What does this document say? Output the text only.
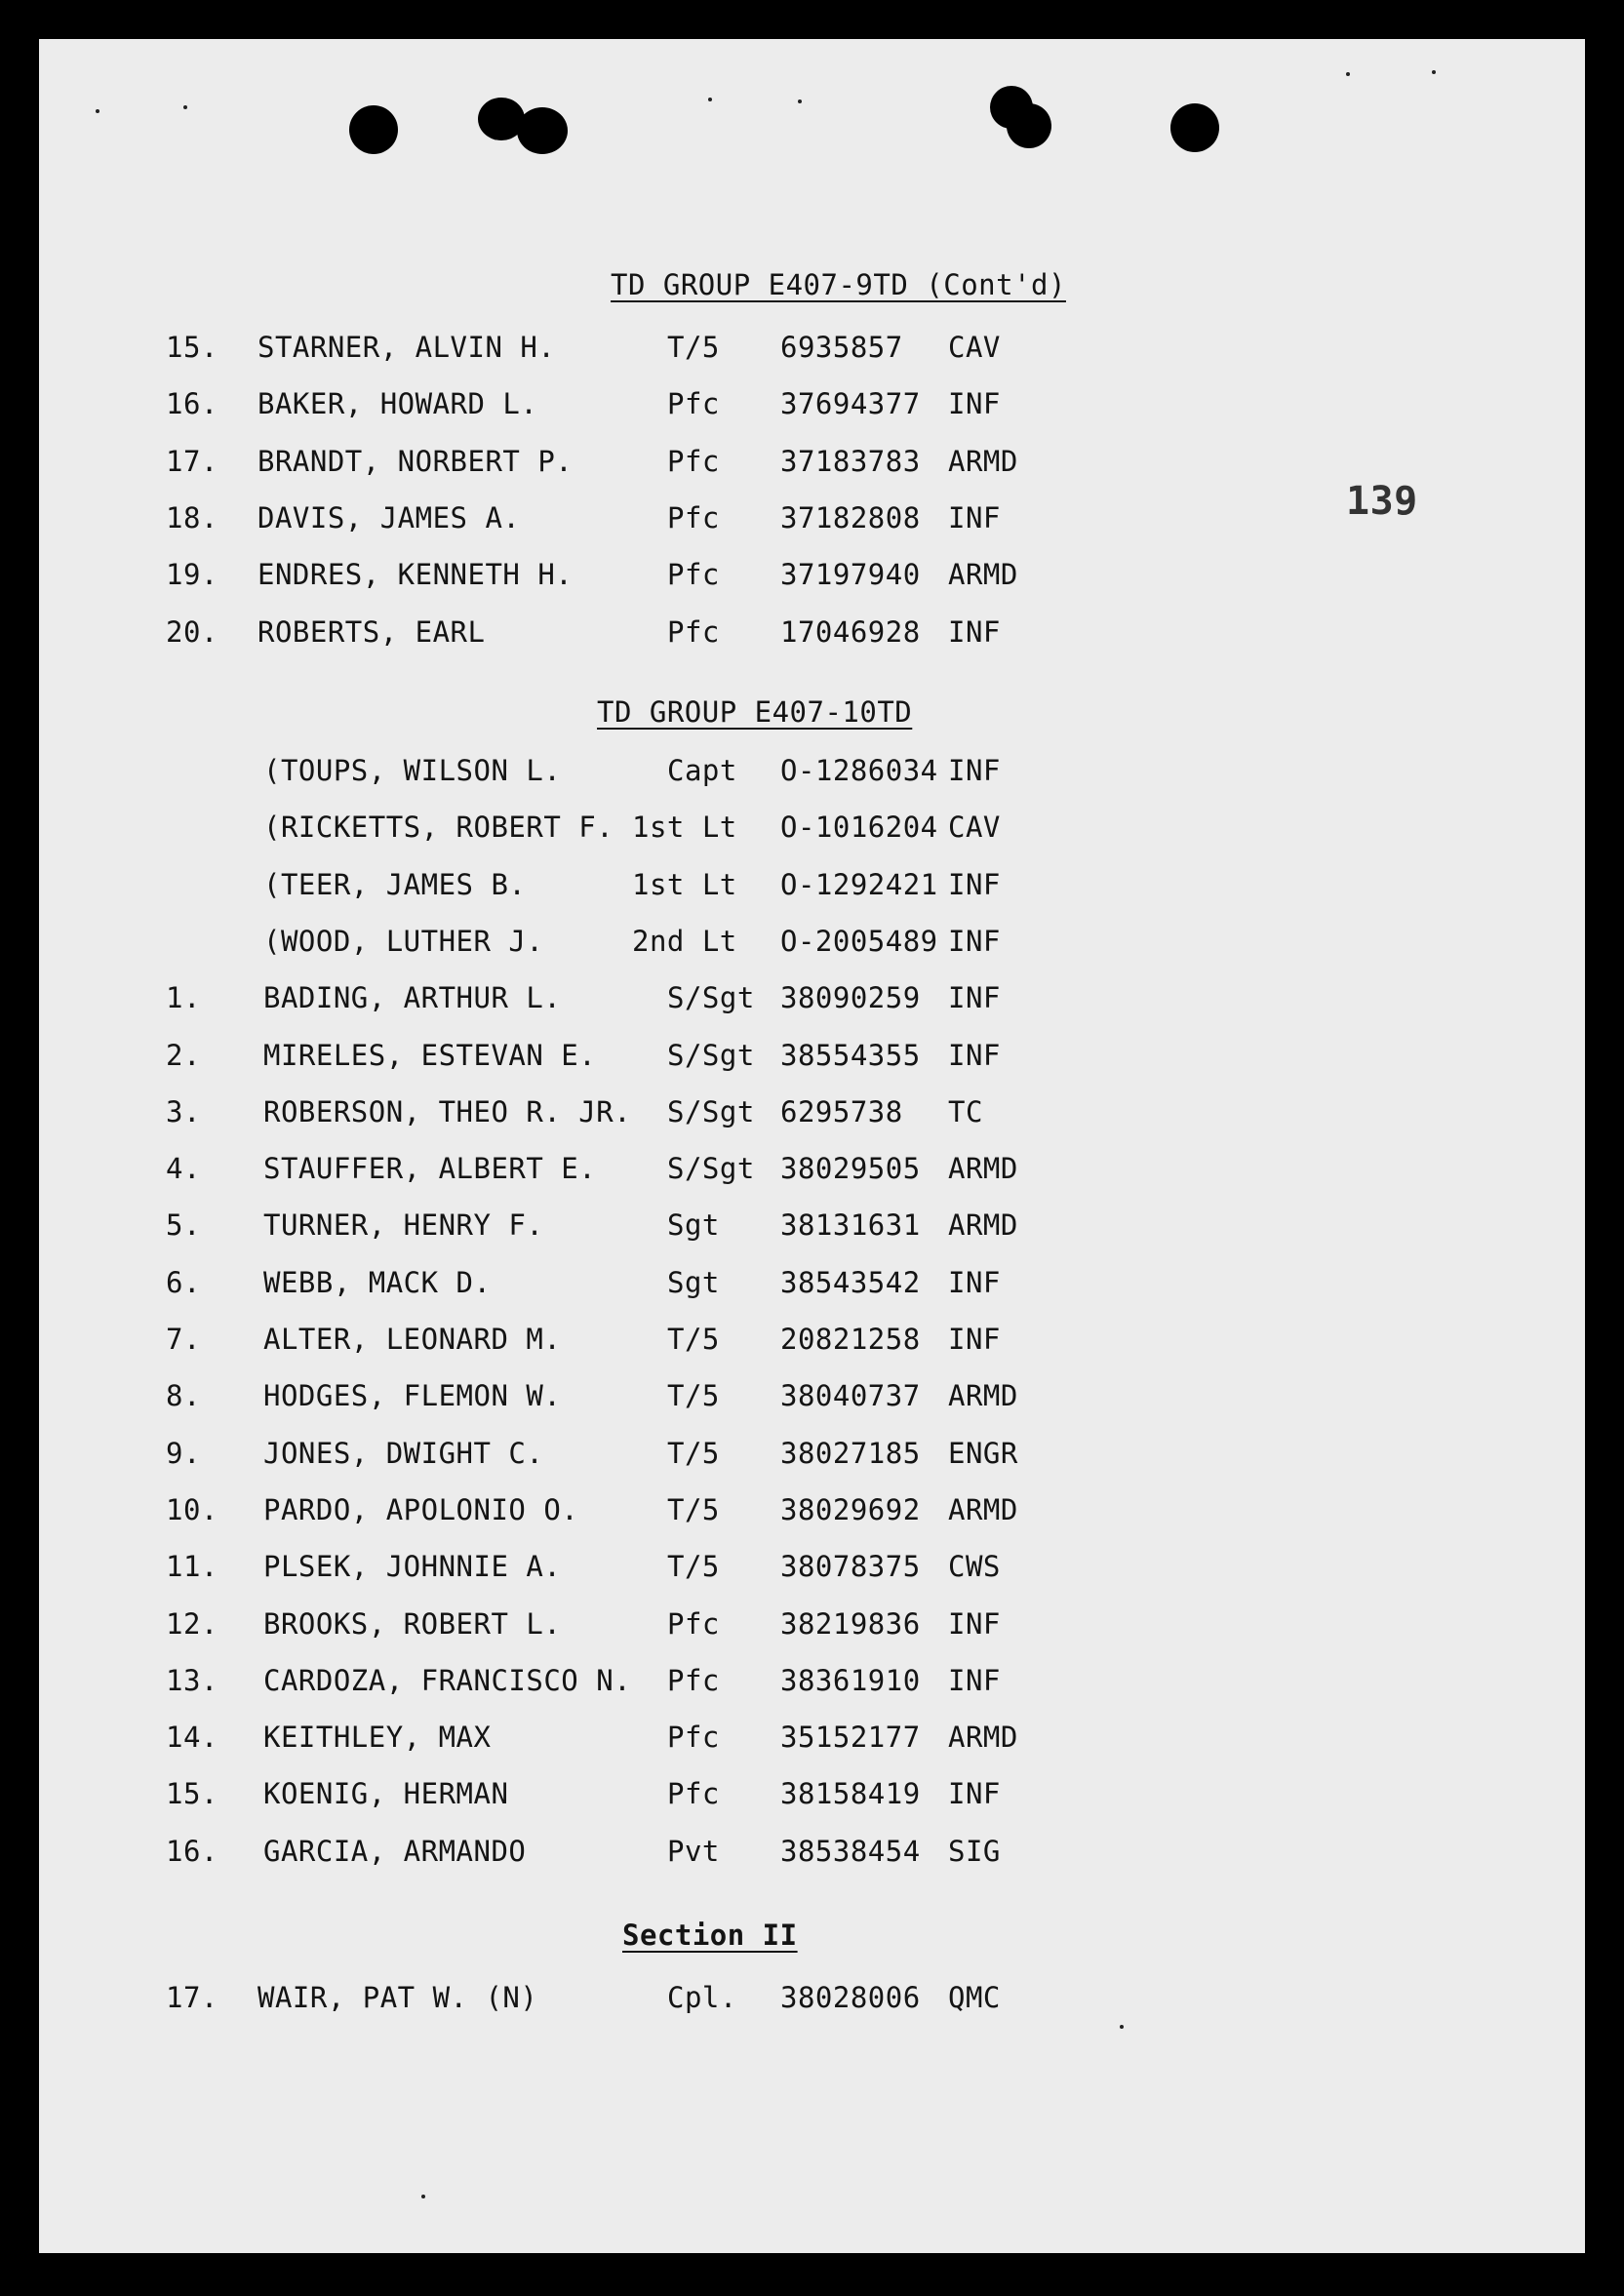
TD GROUP E407-9TD (Cont'd)
15. STARNER, ALVIN H.	T/5 6935857 CAV
16. BAKER, HOWARD L.	Pfc 37694377 INF
17. BRANDT, NORBERT P.	Pfc 37183783 ARMD
18. DAVIS, JAMES A.	Pfc 37182808 INF
19. ENDRES, KENNETH H.	Pfc 37197940 ARMD
20. ROBERTS, EARL	Pfc 17046928 INF
TD GROUP E407-10TD
(TOUPS, WILSON L.	Capt O-1286034 INF
(RICKETTS, ROBERT F. 1st Lt O-1016204 CAV
(TEER, JAMES B.	1st Lt O-1292421 INF
(WOOD, LUTHER J.	2nd Lt O-2005489 INF
1. BADING, ARTHUR L.	S/Sgt 38090259 INF
2. MIRELES, ESTEVAN E.	S/Sgt 38554355 INF
3. ROBERSON, THEO R. JR. S/Sgt 6295738 TC
4. STAUFFER, ALBERT E.	S/Sgt 38029505 ARMD
5. TURNER, HENRY F.	Sgt 38131631 ARMD
6. WEBB, MACK D.	Sgt 38543542 INF
7. ALTER, LEONARD M.	T/5 20821258 INF
8. HODGES, FLEMON W.	T/5 38040737 ARMD
9. JONES, DWIGHT C.	T/5 38027185 ENGR
10. PARDO, APOLONIO O.	T/5 38029692 ARMD
11. PLSEK, JOHNNIE A.	T/5 38078375 CWS
12. BROOKS, ROBERT L.	Pfc 38219836 INF
13. CARDOZA, FRANCISCO N. Pfc 38361910 INF
14. KEITHLEY, MAX	Pfc 35152177 ARMD
15. KOENIG, HERMAN	Pfc 38158419 INF
16. GARCIA, ARMANDO	Pvt 38538454 SIG
Section II
17. WAIR, PAT W. (N)	Cpl. 38028006 QMC
139
